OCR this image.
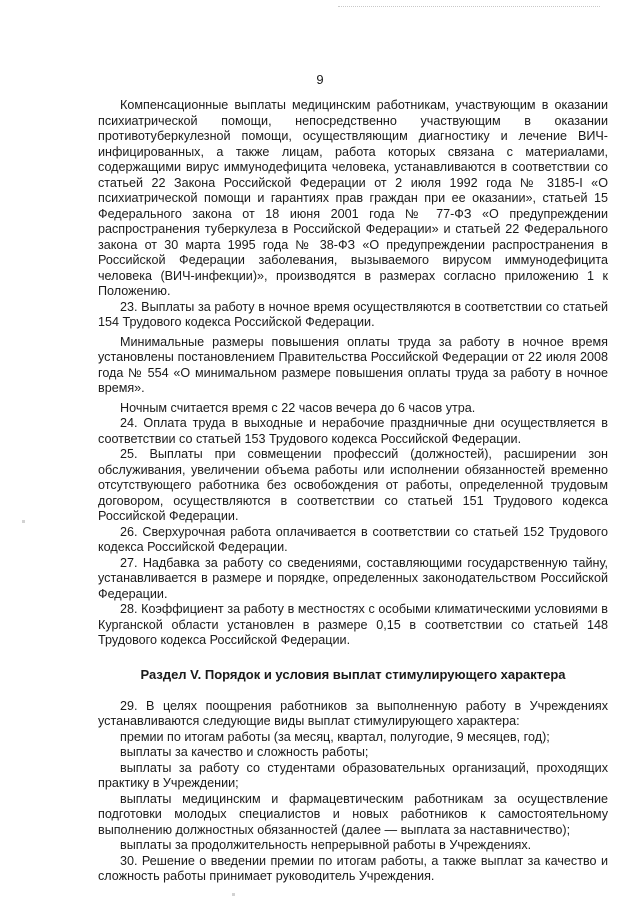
9

Компенсационные выплаты медицинским работникам, участвующим в оказании психиатрической помощи, непосредственно участвующим в оказании противотуберкулезной помощи, осуществляющим диагностику и лечение ВИЧ-инфицированных, а также лицам, работа которых связана с материалами, содержащими вирус иммунодефицита человека, устанавливаются в соответствии со статьей 22 Закона Российской Федерации от 2 июля 1992 года № 3185-I «О психиатрической помощи и гарантиях прав граждан при ее оказании», статьей 15 Федерального закона от 18 июня 2001 года № 77-ФЗ «О предупреждении распространения туберкулеза в Российской Федерации» и статьей 22 Федерального закона от 30 марта 1995 года № 38-ФЗ «О предупреждении распространения в Российской Федерации заболевания, вызываемого вирусом иммунодефицита человека (ВИЧ-инфекции)», производятся в размерах согласно приложению 1 к Положению.

23. Выплаты за работу в ночное время осуществляются в соответствии со статьей 154 Трудового кодекса Российской Федерации.

Минимальные размеры повышения оплаты труда за работу в ночное время установлены постановлением Правительства Российской Федерации от 22 июля 2008 года № 554 «О минимальном размере повышения оплаты труда за работу в ночное время».

Ночным считается время с 22 часов вечера до 6 часов утра.

24. Оплата труда в выходные и нерабочие праздничные дни осуществляется в соответствии со статьей 153 Трудового кодекса Российской Федерации.

25. Выплаты при совмещении профессий (должностей), расширении зон обслуживания, увеличении объема работы или исполнении обязанностей временно отсутствующего работника без освобождения от работы, определенной трудовым договором, осуществляются в соответствии со статьей 151 Трудового кодекса Российской Федерации.

26. Сверхурочная работа оплачивается в соответствии со статьей 152 Трудового кодекса Российской Федерации.

27. Надбавка за работу со сведениями, составляющими государственную тайну, устанавливается в размере и порядке, определенных законодательством Российской Федерации.

28. Коэффициент за работу в местностях с особыми климатическими условиями в Курганской области установлен в размере 0,15 в соответствии со статьей 148 Трудового кодекса Российской Федерации.

Раздел V. Порядок и условия выплат стимулирующего характера

29. В целях поощрения работников за выполненную работу в Учреждениях устанавливаются следующие виды выплат стимулирующего характера:

премии по итогам работы (за месяц, квартал, полугодие, 9 месяцев, год);

выплаты за качество и сложность работы;

выплаты за работу со студентами образовательных организаций, проходящих практику в Учреждении;

выплаты медицинским и фармацевтическим работникам за осуществление подготовки молодых специалистов и новых работников к самостоятельному выполнению должностных обязанностей (далее — выплата за наставничество);

выплаты за продолжительность непрерывной работы в Учреждениях.

30. Решение о введении премии по итогам работы, а также выплат за качество и сложность работы принимает руководитель Учреждения.
